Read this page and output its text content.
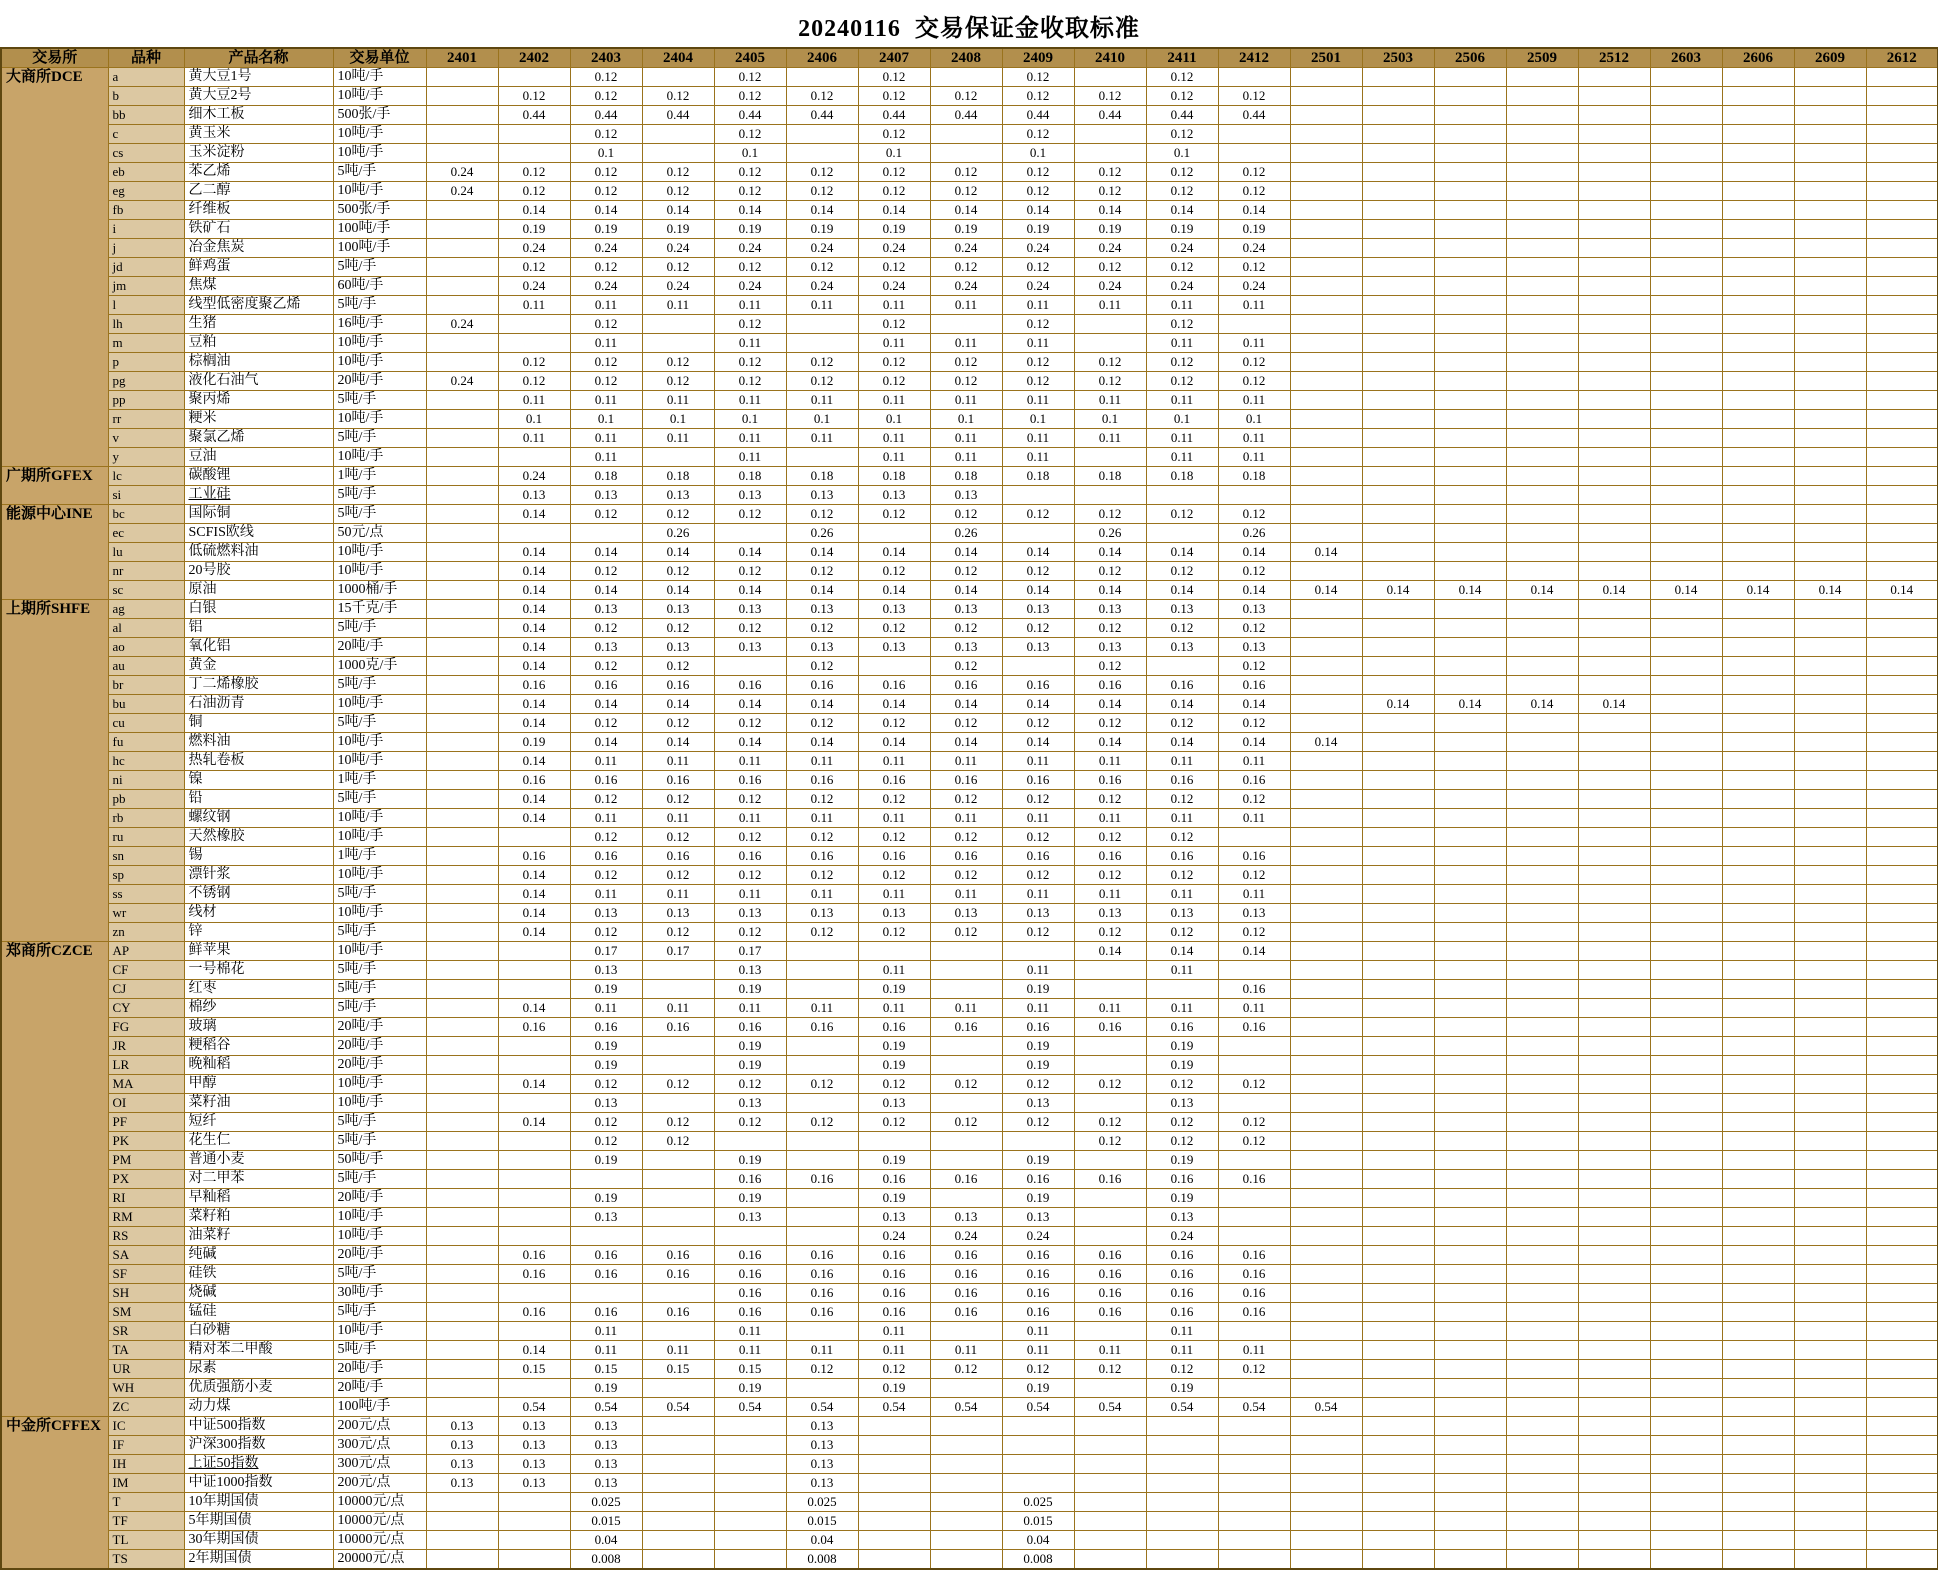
20240116  交易保证金收取标准
交易所	品种	产品名称	交易单位	2401	2402	2403	2404	2405	2406	2407	2408	2409	2410	2411	2412	2501	2503	2506	2509	2512	2603	2606	2609	2612
大商所DCE	a	黄大豆1号	10吨/手			0.12		0.12		0.12		0.12		0.12										
	b	黄大豆2号	10吨/手		0.12	0.12	0.12	0.12	0.12	0.12	0.12	0.12	0.12	0.12	0.12									
	bb	细木工板	500张/手		0.44	0.44	0.44	0.44	0.44	0.44	0.44	0.44	0.44	0.44	0.44									
	c	黄玉米	10吨/手			0.12		0.12		0.12		0.12		0.12										
	cs	玉米淀粉	10吨/手			0.1		0.1		0.1		0.1		0.1										
	eb	苯乙烯	5吨/手	0.24	0.12	0.12	0.12	0.12	0.12	0.12	0.12	0.12	0.12	0.12	0.12									
	eg	乙二醇	10吨/手	0.24	0.12	0.12	0.12	0.12	0.12	0.12	0.12	0.12	0.12	0.12	0.12									
	fb	纤维板	500张/手		0.14	0.14	0.14	0.14	0.14	0.14	0.14	0.14	0.14	0.14	0.14									
	i	铁矿石	100吨/手		0.19	0.19	0.19	0.19	0.19	0.19	0.19	0.19	0.19	0.19	0.19									
	j	冶金焦炭	100吨/手		0.24	0.24	0.24	0.24	0.24	0.24	0.24	0.24	0.24	0.24	0.24									
	jd	鲜鸡蛋	5吨/手		0.12	0.12	0.12	0.12	0.12	0.12	0.12	0.12	0.12	0.12	0.12									
	jm	焦煤	60吨/手		0.24	0.24	0.24	0.24	0.24	0.24	0.24	0.24	0.24	0.24	0.24									
	l	线型低密度聚乙烯	5吨/手		0.11	0.11	0.11	0.11	0.11	0.11	0.11	0.11	0.11	0.11	0.11									
	lh	生猪	16吨/手	0.24		0.12		0.12		0.12		0.12		0.12										
	m	豆粕	10吨/手			0.11		0.11		0.11	0.11	0.11		0.11	0.11									
	p	棕榈油	10吨/手		0.12	0.12	0.12	0.12	0.12	0.12	0.12	0.12	0.12	0.12	0.12									
	pg	液化石油气	20吨/手	0.24	0.12	0.12	0.12	0.12	0.12	0.12	0.12	0.12	0.12	0.12	0.12									
	pp	聚丙烯	5吨/手		0.11	0.11	0.11	0.11	0.11	0.11	0.11	0.11	0.11	0.11	0.11									
	rr	粳米	10吨/手		0.1	0.1	0.1	0.1	0.1	0.1	0.1	0.1	0.1	0.1	0.1									
	v	聚氯乙烯	5吨/手		0.11	0.11	0.11	0.11	0.11	0.11	0.11	0.11	0.11	0.11	0.11									
	y	豆油	10吨/手			0.11		0.11		0.11	0.11	0.11		0.11	0.11									
广期所GFEX	lc	碳酸锂	1吨/手		0.24	0.18	0.18	0.18	0.18	0.18	0.18	0.18	0.18	0.18	0.18									
	si	工业硅	5吨/手		0.13	0.13	0.13	0.13	0.13	0.13	0.13													
能源中心INE	bc	国际铜	5吨/手		0.14	0.12	0.12	0.12	0.12	0.12	0.12	0.12	0.12	0.12	0.12									
	ec	SCFIS欧线	50元/点				0.26		0.26		0.26		0.26		0.26									
	lu	低硫燃料油	10吨/手		0.14	0.14	0.14	0.14	0.14	0.14	0.14	0.14	0.14	0.14	0.14	0.14								
	nr	20号胶	10吨/手		0.14	0.12	0.12	0.12	0.12	0.12	0.12	0.12	0.12	0.12	0.12									
	sc	原油	1000桶/手		0.14	0.14	0.14	0.14	0.14	0.14	0.14	0.14	0.14	0.14	0.14	0.14	0.14	0.14	0.14	0.14	0.14	0.14	0.14	0.14
上期所SHFE	ag	白银	15千克/手		0.14	0.13	0.13	0.13	0.13	0.13	0.13	0.13	0.13	0.13	0.13									
	al	铝	5吨/手		0.14	0.12	0.12	0.12	0.12	0.12	0.12	0.12	0.12	0.12	0.12									
	ao	氧化铝	20吨/手		0.14	0.13	0.13	0.13	0.13	0.13	0.13	0.13	0.13	0.13	0.13									
	au	黄金	1000克/手		0.14	0.12	0.12		0.12		0.12		0.12		0.12									
	br	丁二烯橡胶	5吨/手		0.16	0.16	0.16	0.16	0.16	0.16	0.16	0.16	0.16	0.16	0.16									
	bu	石油沥青	10吨/手		0.14	0.14	0.14	0.14	0.14	0.14	0.14	0.14	0.14	0.14	0.14		0.14	0.14	0.14	0.14				
	cu	铜	5吨/手		0.14	0.12	0.12	0.12	0.12	0.12	0.12	0.12	0.12	0.12	0.12									
	fu	燃料油	10吨/手		0.19	0.14	0.14	0.14	0.14	0.14	0.14	0.14	0.14	0.14	0.14	0.14								
	hc	热轧卷板	10吨/手		0.14	0.11	0.11	0.11	0.11	0.11	0.11	0.11	0.11	0.11	0.11									
	ni	镍	1吨/手		0.16	0.16	0.16	0.16	0.16	0.16	0.16	0.16	0.16	0.16	0.16									
	pb	铅	5吨/手		0.14	0.12	0.12	0.12	0.12	0.12	0.12	0.12	0.12	0.12	0.12									
	rb	螺纹钢	10吨/手		0.14	0.11	0.11	0.11	0.11	0.11	0.11	0.11	0.11	0.11	0.11									
	ru	天然橡胶	10吨/手			0.12	0.12	0.12	0.12	0.12	0.12	0.12	0.12	0.12										
	sn	锡	1吨/手		0.16	0.16	0.16	0.16	0.16	0.16	0.16	0.16	0.16	0.16	0.16									
	sp	漂针浆	10吨/手		0.14	0.12	0.12	0.12	0.12	0.12	0.12	0.12	0.12	0.12	0.12									
	ss	不锈钢	5吨/手		0.14	0.11	0.11	0.11	0.11	0.11	0.11	0.11	0.11	0.11	0.11									
	wr	线材	10吨/手		0.14	0.13	0.13	0.13	0.13	0.13	0.13	0.13	0.13	0.13	0.13									
	zn	锌	5吨/手		0.14	0.12	0.12	0.12	0.12	0.12	0.12	0.12	0.12	0.12	0.12									
郑商所CZCE	AP	鲜苹果	10吨/手			0.17	0.17	0.17					0.14	0.14	0.14									
	CF	一号棉花	5吨/手			0.13		0.13		0.11		0.11		0.11										
	CJ	红枣	5吨/手			0.19		0.19		0.19		0.19			0.16									
	CY	棉纱	5吨/手		0.14	0.11	0.11	0.11	0.11	0.11	0.11	0.11	0.11	0.11	0.11									
	FG	玻璃	20吨/手		0.16	0.16	0.16	0.16	0.16	0.16	0.16	0.16	0.16	0.16	0.16									
	JR	粳稻谷	20吨/手			0.19		0.19		0.19		0.19		0.19										
	LR	晚籼稻	20吨/手			0.19		0.19		0.19		0.19		0.19										
	MA	甲醇	10吨/手		0.14	0.12	0.12	0.12	0.12	0.12	0.12	0.12	0.12	0.12	0.12									
	OI	菜籽油	10吨/手			0.13		0.13		0.13		0.13		0.13										
	PF	短纤	5吨/手		0.14	0.12	0.12	0.12	0.12	0.12	0.12	0.12	0.12	0.12	0.12									
	PK	花生仁	5吨/手			0.12	0.12						0.12	0.12	0.12									
	PM	普通小麦	50吨/手			0.19		0.19		0.19		0.19		0.19										
	PX	对二甲苯	5吨/手					0.16	0.16	0.16	0.16	0.16	0.16	0.16	0.16									
	RI	早籼稻	20吨/手			0.19		0.19		0.19		0.19		0.19										
	RM	菜籽粕	10吨/手			0.13		0.13		0.13	0.13	0.13		0.13										
	RS	油菜籽	10吨/手							0.24	0.24	0.24		0.24										
	SA	纯碱	20吨/手		0.16	0.16	0.16	0.16	0.16	0.16	0.16	0.16	0.16	0.16	0.16									
	SF	硅铁	5吨/手		0.16	0.16	0.16	0.16	0.16	0.16	0.16	0.16	0.16	0.16	0.16									
	SH	烧碱	30吨/手					0.16	0.16	0.16	0.16	0.16	0.16	0.16	0.16									
	SM	锰硅	5吨/手		0.16	0.16	0.16	0.16	0.16	0.16	0.16	0.16	0.16	0.16	0.16									
	SR	白砂糖	10吨/手			0.11		0.11		0.11		0.11		0.11										
	TA	精对苯二甲酸	5吨/手		0.14	0.11	0.11	0.11	0.11	0.11	0.11	0.11	0.11	0.11	0.11									
	UR	尿素	20吨/手		0.15	0.15	0.15	0.15	0.12	0.12	0.12	0.12	0.12	0.12	0.12									
	WH	优质强筋小麦	20吨/手			0.19		0.19		0.19		0.19		0.19										
	ZC	动力煤	100吨/手		0.54	0.54	0.54	0.54	0.54	0.54	0.54	0.54	0.54	0.54	0.54	0.54								
中金所CFFEX	IC	中证500指数	200元/点	0.13	0.13	0.13			0.13															
	IF	沪深300指数	300元/点	0.13	0.13	0.13			0.13															
	IH	上证50指数	300元/点	0.13	0.13	0.13			0.13															
	IM	中证1000指数	200元/点	0.13	0.13	0.13			0.13															
	T	10年期国债	10000元/点			0.025			0.025			0.025												
	TF	5年期国债	10000元/点			0.015			0.015			0.015												
	TL	30年期国债	10000元/点			0.04			0.04			0.04												
	TS	2年期国债	20000元/点			0.008			0.008			0.008												
